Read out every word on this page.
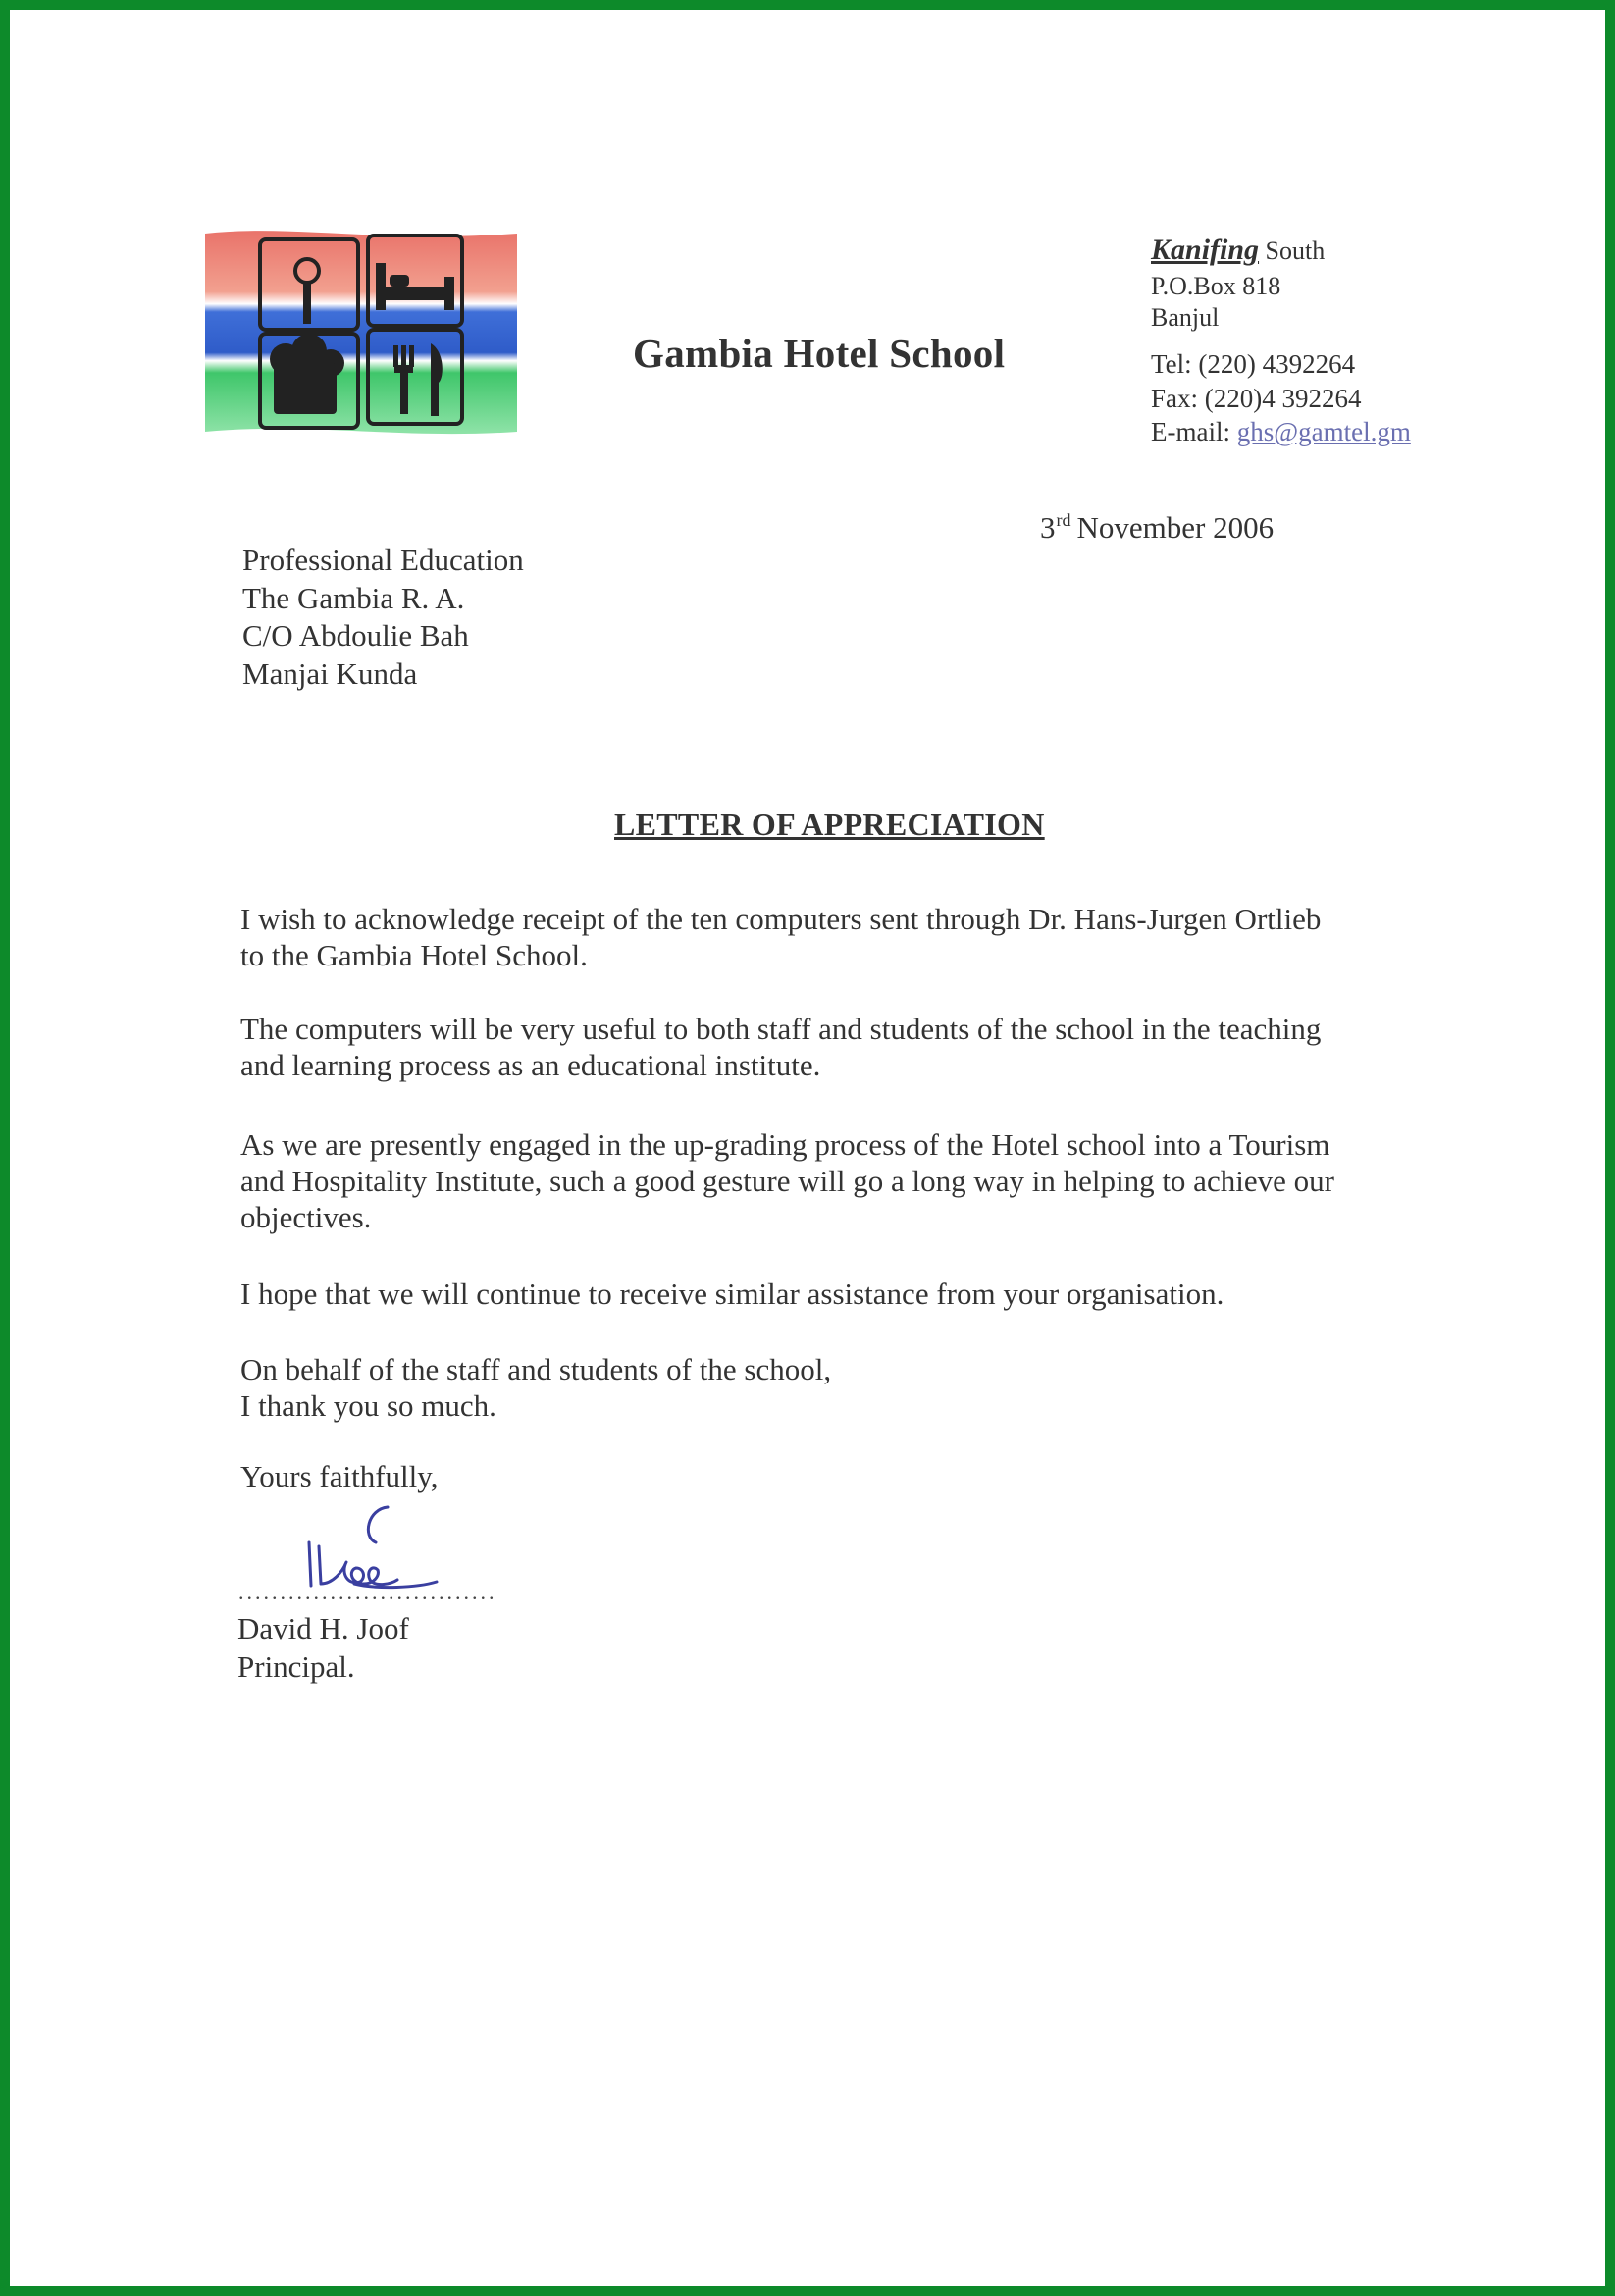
Gambia Hotel School
Kanifing South
P.O.Box 818
Banjul
Tel: (220) 4392264
Fax: (220)4 392264
E-mail: ghs@gamtel.gm
3rd November 2006
Professional Education
The Gambia R. A.
C/O Abdoulie Bah
Manjai Kunda
LETTER OF APPRECIATION
I wish to acknowledge receipt of the ten computers sent through Dr. Hans-Jurgen Ortlieb
to the Gambia Hotel School.
The computers will be very useful to both staff and students of the school in the teaching
and learning process as an educational institute.
As we are presently engaged in the up-grading process of the Hotel school into a Tourism
and Hospitality Institute, such a good gesture will go a long way in helping to achieve our
objectives.
I hope that we will continue to receive similar assistance from your organisation.
On behalf of the staff and students of the school,
I thank you so much.
Yours faithfully,
...............................
David H. Joof
Principal.
